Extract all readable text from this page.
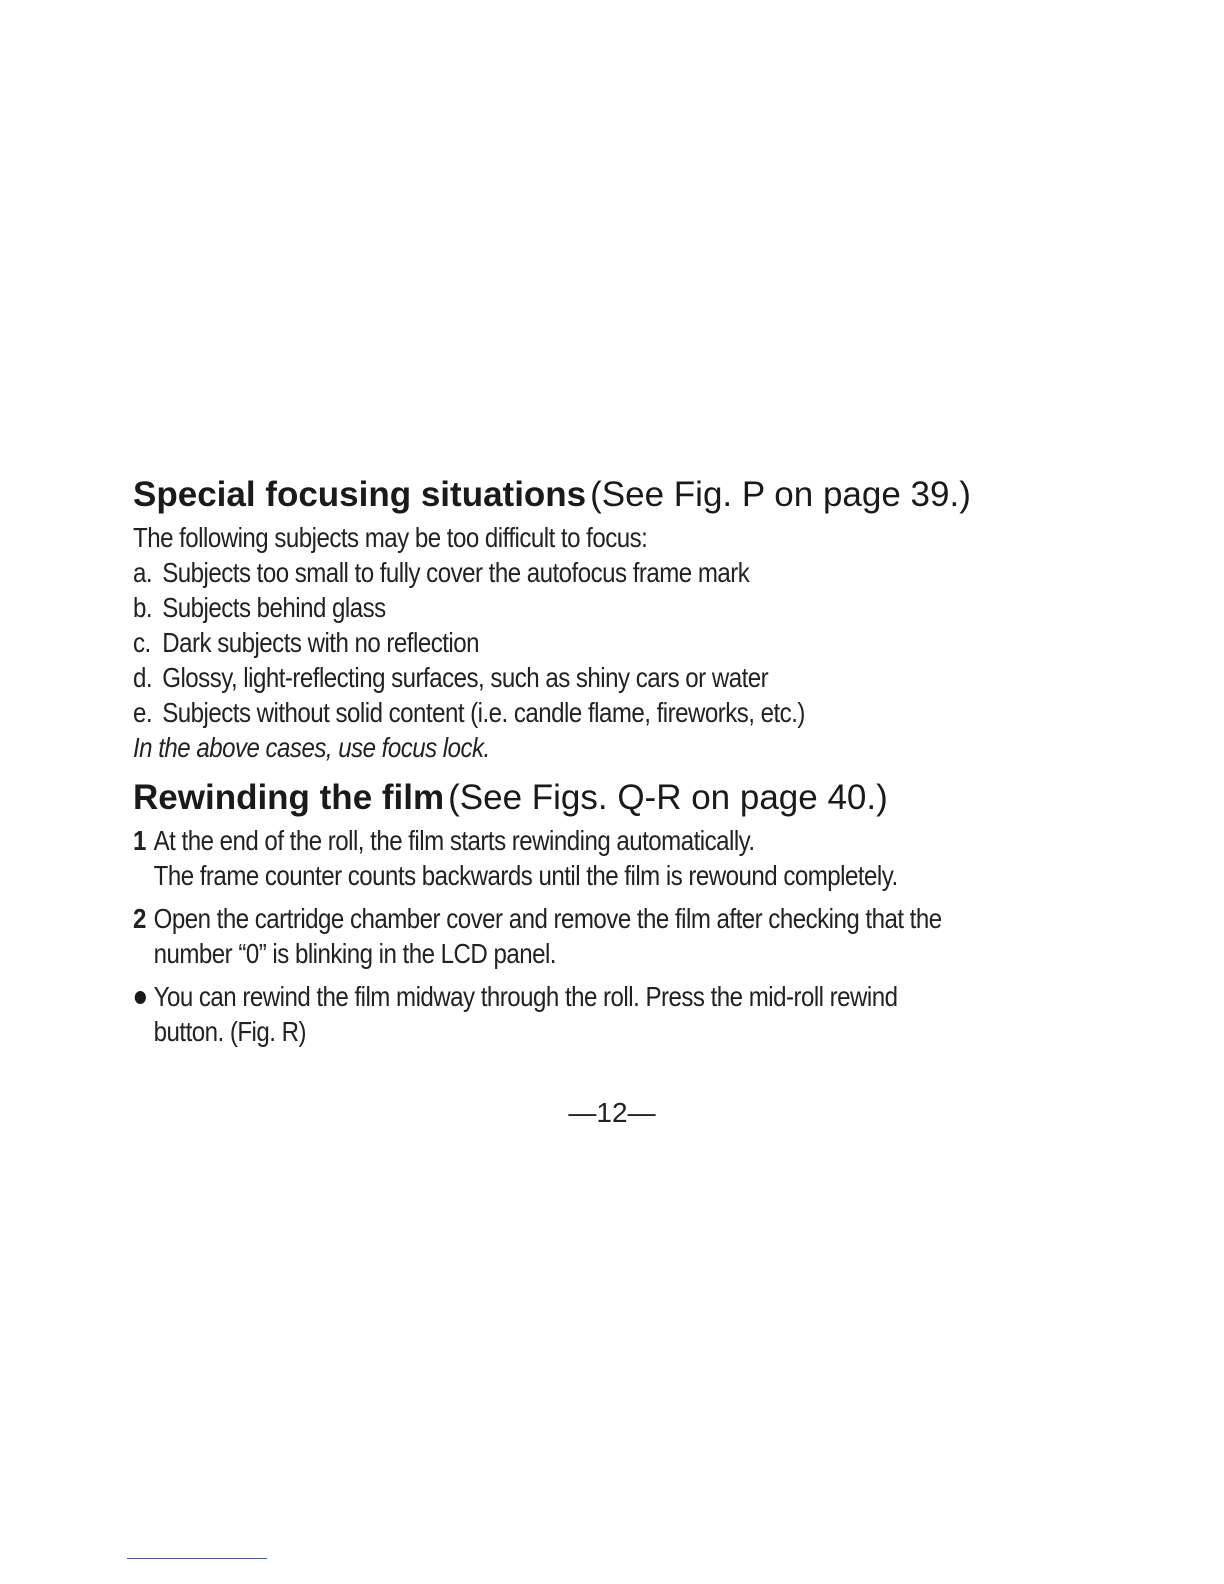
Special focusing situations (See Fig. P on page 39.)
The following subjects may be too difficult to focus:
a. Subjects too small to fully cover the autofocus frame mark
b. Subjects behind glass
c. Dark subjects with no reflection
d. Glossy, light-reflecting surfaces, such as shiny cars or water
e. Subjects without solid content (i.e. candle flame, fireworks, etc.)
In the above cases, use focus lock.
Rewinding the film (See Figs. Q-R on page 40.)
1 At the end of the roll, the film starts rewinding automatically.
The frame counter counts backwards until the film is rewound completely.
2 Open the cartridge chamber cover and remove the film after checking that the
number “0” is blinking in the LCD panel.
You can rewind the film midway through the roll. Press the mid-roll rewind
button. (Fig. R)
—12—
